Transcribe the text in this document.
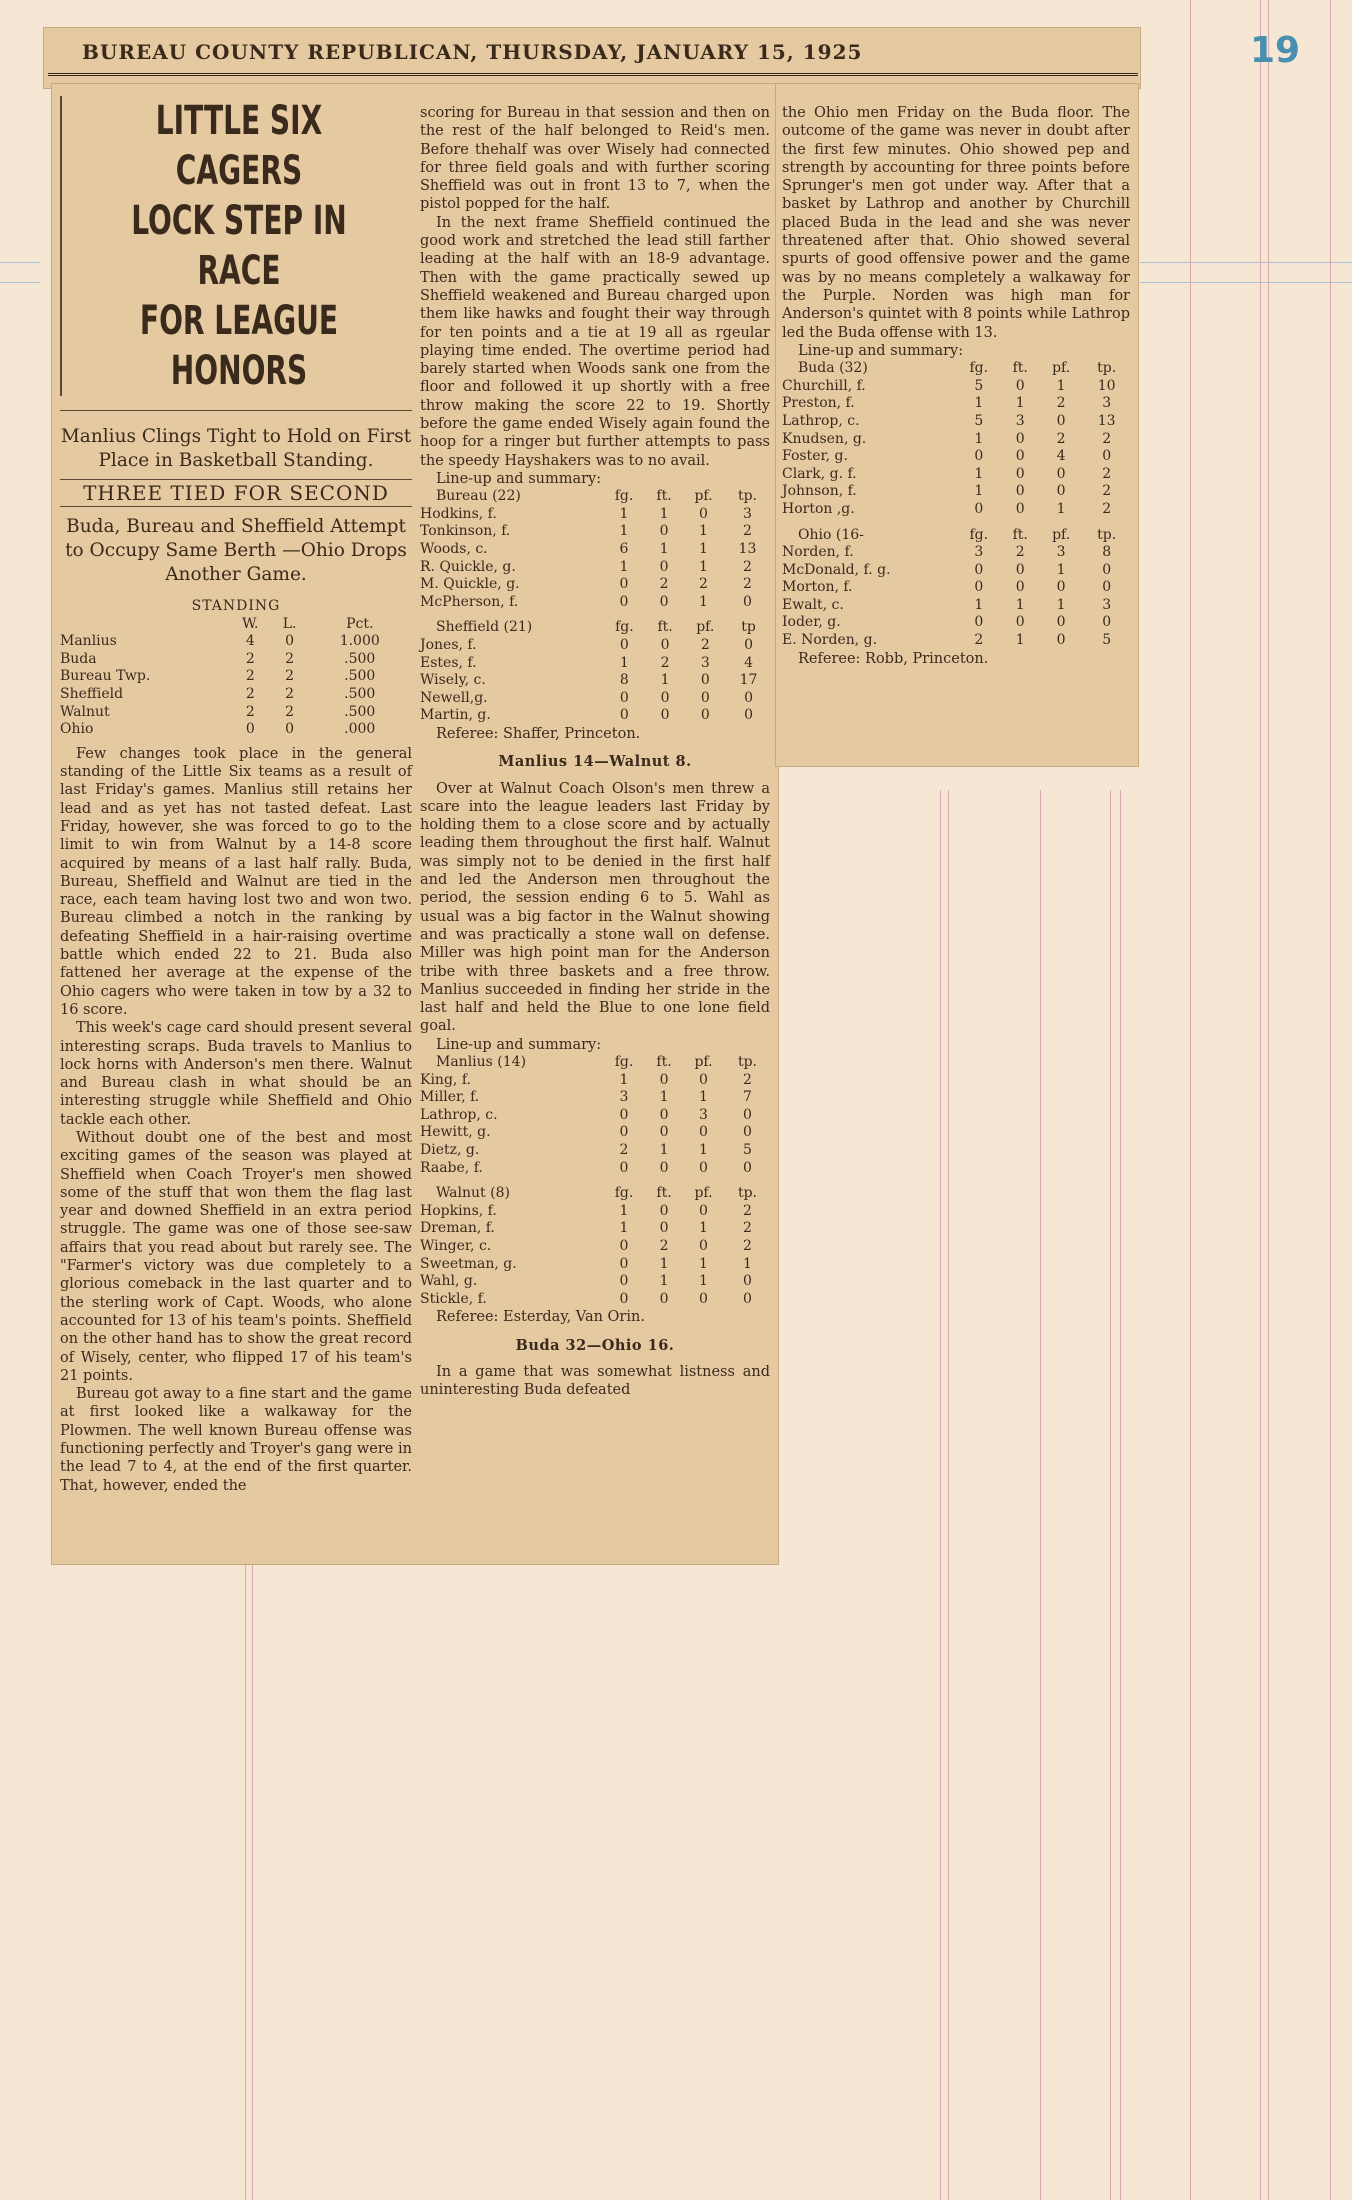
19
BUREAU COUNTY REPUBLICAN, THURSDAY, JANUARY 15, 1925
LITTLE SIX CAGERS
LOCK STEP IN RACE
FOR LEAGUE HONORS
Manlius Clings Tight to Hold on First Place in Basketball Standing.
THREE TIED FOR SECOND
Buda, Bureau and Sheffield Attempt to Occupy Same Berth —Ohio Drops Another Game.
STANDING
	W.	L.	Pct.
Manlius	4	0	1.000
Buda	2	2	.500
Bureau Twp.	2	2	.500
Sheffield	2	2	.500
Walnut	2	2	.500
Ohio	0	0	.000

Few changes took place in the general standing of the Little Six teams as a result of last Friday's games. Manlius still retains her lead and as yet has not tasted defeat. Last Friday, however, she was forced to go to the limit to win from Walnut by a 14-8 score acquired by means of a last half rally. Buda, Bureau, Sheffield and Walnut are tied in the race, each team having lost two and won two. Bureau climbed a notch in the ranking by defeating Sheffield in a hair-raising overtime battle which ended 22 to 21. Buda also fattened her average at the expense of the Ohio cagers who were taken in tow by a 32 to 16 score.

This week's cage card should present several interesting scraps. Buda travels to Manlius to lock horns with Anderson's men there. Walnut and Bureau clash in what should be an interesting struggle while Sheffield and Ohio tackle each other.

Without doubt one of the best and most exciting games of the season was played at Sheffield when Coach Troyer's men showed some of the stuff that won them the flag last year and downed Sheffield in an extra period struggle. The game was one of those see-saw affairs that you read about but rarely see. The "Farmer's victory was due completely to a glorious comeback in the last quarter and to the sterling work of Capt. Woods, who alone accounted for 13 of his team's points. Sheffield on the other hand has to show the great record of Wisely, center, who flipped 17 of his team's 21 points.

Bureau got away to a fine start and the game at first looked like a walkaway for the Plowmen. The well known Bureau offense was functioning perfectly and Troyer's gang were in the lead 7 to 4, at the end of the first quarter. That, however, ended the

scoring for Bureau in that session and then on the rest of the half belonged to Reid's men. Before thehalf was over Wisely had connected for three field goals and with further scoring Sheffield was out in front 13 to 7, when the pistol popped for the half.

In the next frame Sheffield continued the good work and stretched the lead still farther leading at the half with an 18-9 advantage. Then with the game practically sewed up Sheffield weakened and Bureau charged upon them like hawks and fought their way through for ten points and a tie at 19 all as rgeular playing time ended. The overtime period had barely started when Woods sank one from the floor and followed it up shortly with a free throw making the score 22 to 19. Shortly before the game ended Wisely again found the hoop for a ringer but further attempts to pass the speedy Hayshakers was to no avail.

Line-up and summary:
Bureau (22)	fg.	ft.	pf.	tp.
Hodkins, f.	1	1	0	3
Tonkinson, f.	1	0	1	2
Woods, c.	6	1	1	13
R. Quickle, g.	1	0	1	2
M. Quickle, g.	0	2	2	2
McPherson, f.	0	0	1	0
Sheffield (21)	fg.	ft.	pf.	tp
Jones, f.	0	0	2	0
Estes, f.	1	2	3	4
Wisely, c.	8	1	0	17
Newell,g.	0	0	0	0
Martin, g.	0	0	0	0
Referee: Shaffer, Princeton.
Manlius 14—Walnut 8.

Over at Walnut Coach Olson's men threw a scare into the league leaders last Friday by holding them to a close score and by actually leading them throughout the first half. Walnut was simply not to be denied in the first half and led the Anderson men throughout the period, the session ending 6 to 5. Wahl as usual was a big factor in the Walnut showing and was practically a stone wall on defense. Miller was high point man for the Anderson tribe with three baskets and a free throw. Manlius succeeded in finding her stride in the last half and held the Blue to one lone field goal.

Line-up and summary:
Manlius (14)	fg.	ft.	pf.	tp.
King, f.	1	0	0	2
Miller, f.	3	1	1	7
Lathrop, c.	0	0	3	0
Hewitt, g.	0	0	0	0
Dietz, g.	2	1	1	5
Raabe, f.	0	0	0	0
Walnut (8)	fg.	ft.	pf.	tp.
Hopkins, f.	1	0	0	2
Dreman, f.	1	0	1	2
Winger, c.	0	2	0	2
Sweetman, g.	0	1	1	1
Wahl, g.	0	1	1	0
Stickle, f.	0	0	0	0
Referee: Esterday, Van Orin.
Buda 32—Ohio 16.

In a game that was somewhat listness and uninteresting Buda defeated

the Ohio men Friday on the Buda floor. The outcome of the game was never in doubt after the first few minutes. Ohio showed pep and strength by accounting for three points before Sprunger's men got under way. After that a basket by Lathrop and another by Churchill placed Buda in the lead and she was never threatened after that. Ohio showed several spurts of good offensive power and the game was by no means completely a walkaway for the Purple. Norden was high man for Anderson's quintet with 8 points while Lathrop led the Buda offense with 13.

Line-up and summary:
Buda (32)	fg.	ft.	pf.	tp.
Churchill, f.	5	0	1	10
Preston, f.	1	1	2	3
Lathrop, c.	5	3	0	13
Knudsen, g.	1	0	2	2
Foster, g.	0	0	4	0
Clark, g. f.	1	0	0	2
Johnson, f.	1	0	0	2
Horton ,g.	0	0	1	2
Ohio (16-	fg.	ft.	pf.	tp.
Norden, f.	3	2	3	8
McDonald, f. g.	0	0	1	0
Morton, f.	0	0	0	0
Ewalt, c.	1	1	1	3
Ioder, g.	0	0	0	0
E. Norden, g.	2	1	0	5
Referee: Robb, Princeton.
